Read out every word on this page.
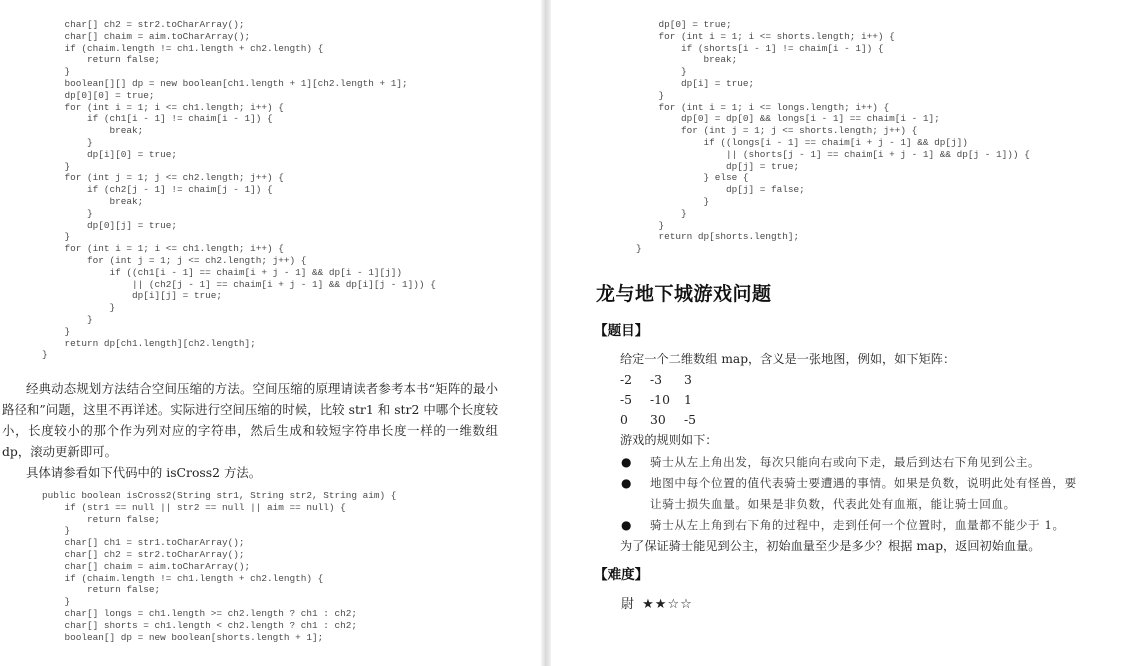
char[] ch2 = str2.toCharArray();
char[] chaim = aim.toCharArray();
if (chaim.length != ch1.length + ch2.length) {
return false;
}
boolean[][] dp = new boolean[ch1.length + 1][ch2.length + 1];
dp[0][0] = true;
for (int i = 1; i <= ch1.length; i++) {
if (ch1[i - 1] != chaim[i - 1]) {
break;
}
dp[i][0] = true;
}
for (int j = 1; j <= ch2.length; j++) {
if (ch2[j - 1] != chaim[j - 1]) {
break;
}
dp[0][j] = true;
}
for (int i = 1; i <= ch1.length; i++) {
for (int j = 1; j <= ch2.length; j++) {
if ((ch1[i - 1] == chaim[i + j - 1] && dp[i - 1][j])
|| (ch2[j - 1] == chaim[i + j - 1] && dp[i][j - 1])) {
dp[i][j] = true;
}
}
}
return dp[ch1.length][ch2.length];
}

经典动态规划方法结合空间压缩的方法。空间压缩的原理请读者参考本书“矩阵的最小路径和”问题，这里不再详述。实际进行空间压缩的时候，比较 str1 和 str2 中哪个长度较小，长度较小的那个作为列对应的字符串，然后生成和较短字符串长度一样的一维数组 dp，滚动更新即可。

具体请参看如下代码中的 isCross2 方法。

public boolean isCross2(String str1, String str2, String aim) {
if (str1 == null || str2 == null || aim == null) {
return false;
}
char[] ch1 = str1.toCharArray();
char[] ch2 = str2.toCharArray();
char[] chaim = aim.toCharArray();
if (chaim.length != ch1.length + ch2.length) {
return false;
}
char[] longs = ch1.length >= ch2.length ? ch1 : ch2;
char[] shorts = ch1.length < ch2.length ? ch1 : ch2;
boolean[] dp = new boolean[shorts.length + 1];
dp[0] = true;
for (int i = 1; i <= shorts.length; i++) {
if (shorts[i - 1] != chaim[i - 1]) {
break;
}
dp[i] = true;
}
for (int i = 1; i <= longs.length; i++) {
dp[0] = dp[0] && longs[i - 1] == chaim[i - 1];
for (int j = 1; j <= shorts.length; j++) {
if ((longs[i - 1] == chaim[i + j - 1] && dp[j])
|| (shorts[j - 1] == chaim[i + j - 1] && dp[j - 1])) {
dp[j] = true;
} else {
dp[j] = false;
}
}
}
return dp[shorts.length];
}
龙与地下城游戏问题
【题目】
给定一个二维数组 map，含义是一张地图，例如，如下矩阵：
-2	-3	3
-5	-10	1
0	30	-5
游戏的规则如下：
● 骑士从左上角出发，每次只能向右或向下走，最后到达右下角见到公主。
● 地图中每个位置的值代表骑士要遭遇的事情。如果是负数，说明此处有怪兽，要
让骑士损失血量。如果是非负数，代表此处有血瓶，能让骑士回血。
● 骑士从左上角到右下角的过程中，走到任何一个位置时，血量都不能少于 1。
为了保证骑士能见到公主，初始血量至少是多少？根据 map，返回初始血量。
【难度】
尉 ★★☆☆
